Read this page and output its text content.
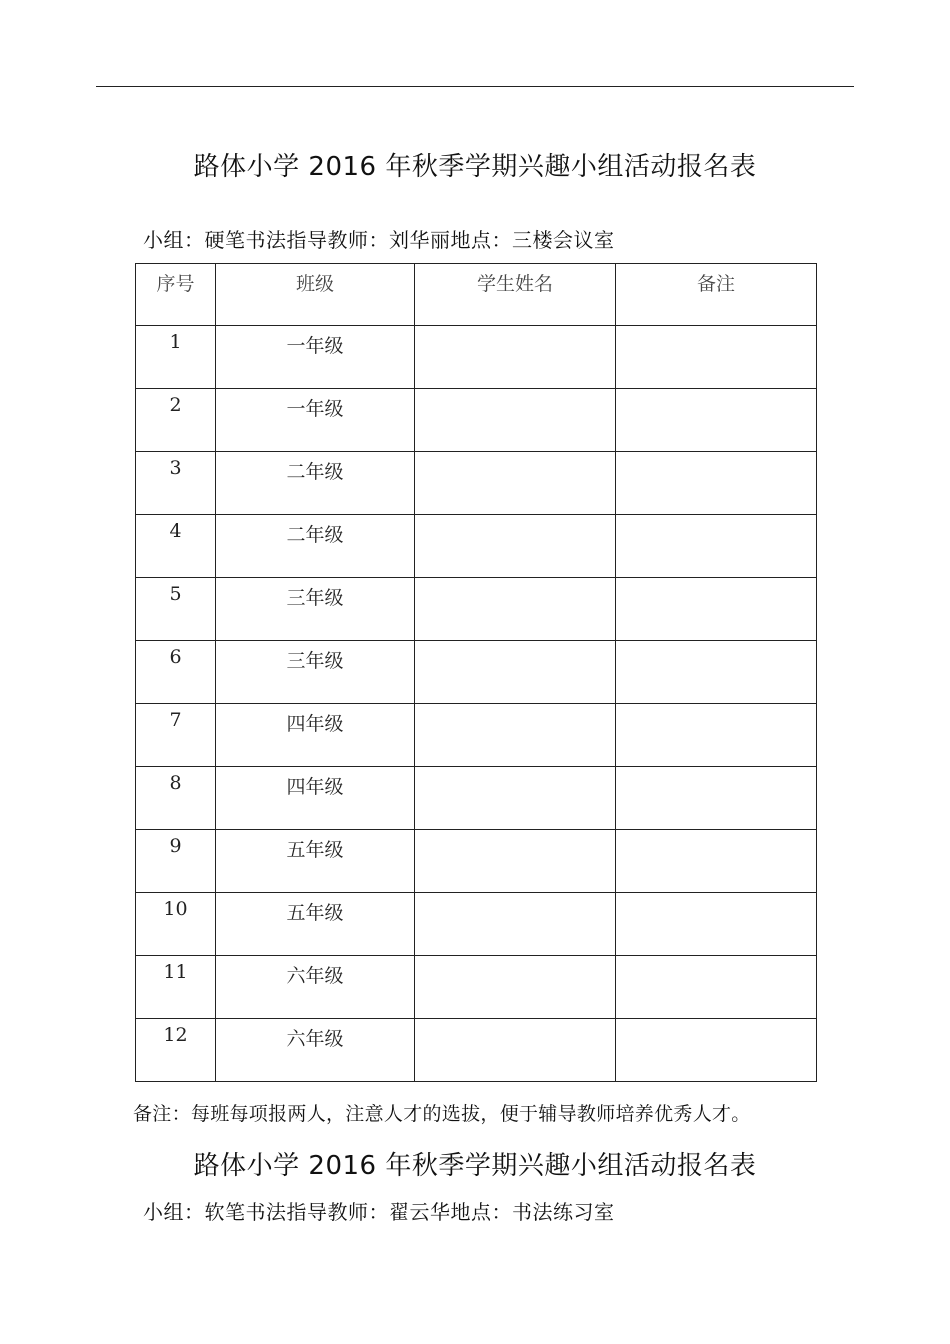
路体小学 2016 年秋季学期兴趣小组活动报名表
小组：硬笔书法指导教师：刘华丽地点：三楼会议室
序号	班级	学生姓名	备注

1	一年级		

2	一年级		

3	二年级		

4	二年级		

5	三年级		

6	三年级		

7	四年级		

8	四年级		

9	五年级		

10	五年级		

11	六年级		

12	六年级		

备注：每班每项报两人，注意人才的选拔，便于辅导教师培养优秀人才。
路体小学 2016 年秋季学期兴趣小组活动报名表
小组：软笔书法指导教师：翟云华地点：书法练习室
